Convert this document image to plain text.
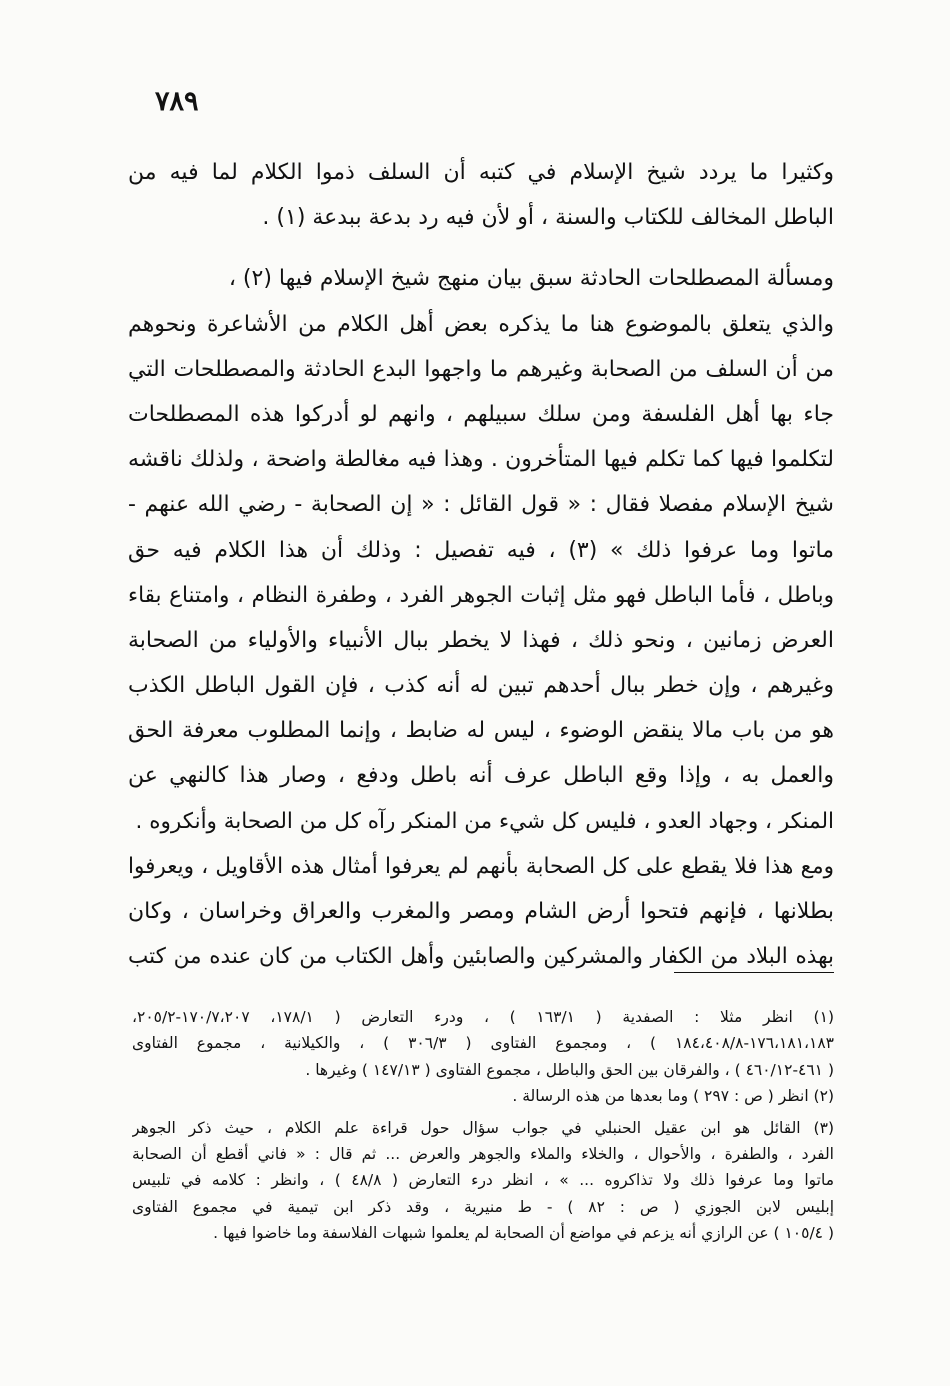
٧٨٩

وكثيرا ما يردد شيخ الإسلام في كتبه أن السلف ذموا الكلام لما فيه من
الباطل المخالف للكتاب والسنة ، أو لأن فيه رد بدعة ببدعة (١) .

ومسألة المصطلحات الحادثة سبق بيان منهج شيخ الإسلام فيها (٢) ،
والذي يتعلق بالموضوع هنا ما يذكره بعض أهل الكلام من الأشاعرة ونحوهم
من أن السلف من الصحابة وغيرهم ما واجهوا البدع الحادثة والمصطلحات التي
جاء بها أهل الفلسفة ومن سلك سبيلهم ، وانهم لو أدركوا هذه المصطلحات
لتكلموا فيها كما تكلم فيها المتأخرون . وهذا فيه مغالطة واضحة ، ولذلك ناقشه
شيخ الإسلام مفصلا فقال : « قول القائل : « إن الصحابة - رضي الله عنهم -
ماتوا وما عرفوا ذلك » (٣) ، فيه تفصيل : وذلك أن هذا الكلام فيه حق
وباطل ، فأما الباطل فهو مثل إثبات الجوهر الفرد ، وطفرة النظام ، وامتناع بقاء
العرض زمانين ، ونحو ذلك ، فهذا لا يخطر ببال الأنبياء والأولياء من الصحابة
وغيرهم ، وإن خطر ببال أحدهم تبين له أنه كذب ، فإن القول الباطل الكذب
هو من باب مالا ينقض الوضوء ، ليس له ضابط ، وإنما المطلوب معرفة الحق
والعمل به ، وإذا وقع الباطل عرف أنه باطل ودفع ، وصار هذا كالنهي عن
المنكر ، وجهاد العدو ، فليس كل شيء من المنكر رآه كل من الصحابة وأنكروه .
ومع هذا فلا يقطع على كل الصحابة بأنهم لم يعرفوا أمثال هذه الأقاويل ، ويعرفوا
بطلانها ، فإنهم فتحوا أرض الشام ومصر والمغرب والعراق وخراسان ، وكان
بهذه البلاد من الكفار والمشركين والصابئين وأهل الكتاب من كان عنده من كتب

(١) انظر مثلا : الصفدية ( ١٦٣/١ ) ، ودرء التعارض ( ١٧٨/١، ١٧٠/٧،٢٠٧-٢٠٥/٢،
١٧٦،١٨١،١٨٣-١٨٤،٤٠٨/٨ ) ، ومجموع الفتاوى ( ٣٠٦/٣ ) ، والكيلانية ، مجموع الفتاوى
( ٤٦١-٤٦٠/١٢ ) ، والفرقان بين الحق والباطل ، مجموع الفتاوى ( ١٤٧/١٣ ) وغيرها .
(٢) انظر ( ص : ٢٩٧ ) وما بعدها من هذه الرسالة .
(٣) القائل هو ابن عقيل الحنبلي في جواب سؤال حول قراءة علم الكلام ، حيث ذكر الجوهر
الفرد ، والطفرة ، والأحوال ، والخلاء والملاء والجوهر والعرض ... ثم قال : « فاني أقطع أن الصحابة
ماتوا وما عرفوا ذلك ولا تذاكروه ... » ، انظر درء التعارض ( ٤٨/٨ ) ، وانظر : كلامه في تلبيس
إبليس لابن الجوزي ( ص : ٨٢ ) - ط منيرية ، وقد ذكر ابن تيمية في مجموع الفتاوى
( ١٠٥/٤ ) عن الرازي أنه يزعم في مواضع أن الصحابة لم يعلموا شبهات الفلاسفة وما خاضوا فيها .
